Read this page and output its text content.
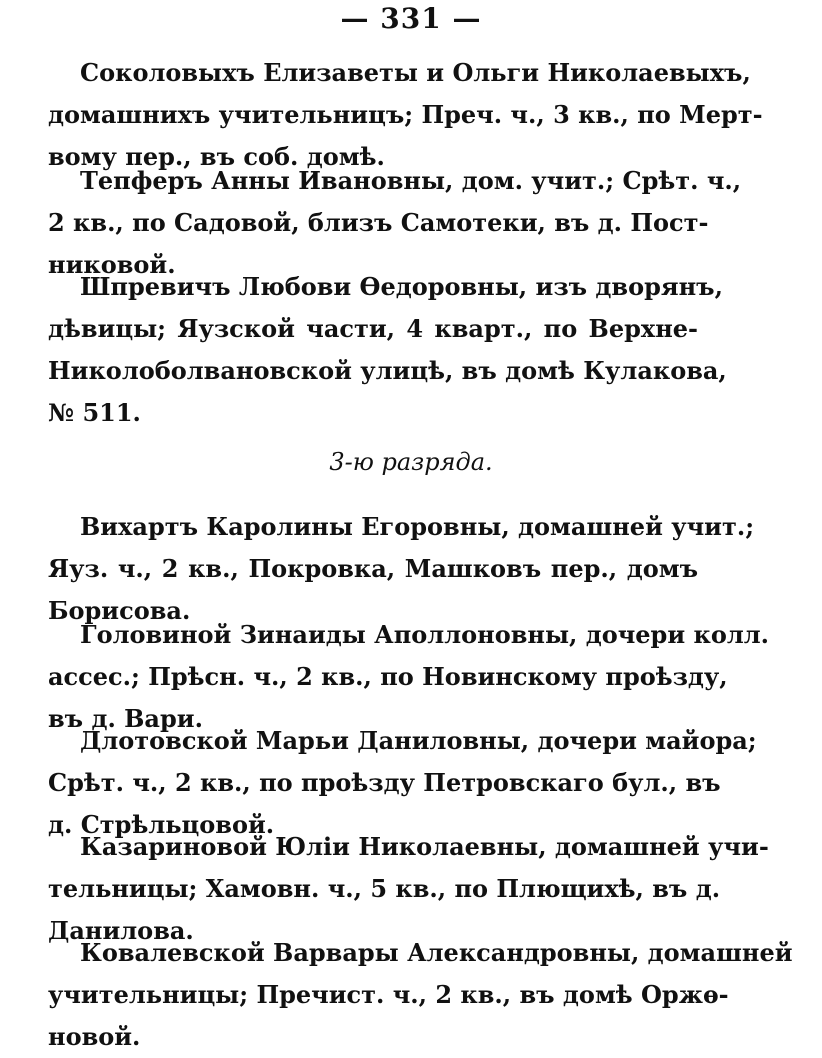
— 331 —
Соколовыхъ Елизаветы и Ольги Николаевыхъ,
домашнихъ учительницъ; Преч. ч., 3 кв., по Мерт-
вому пер., въ соб. домѣ.
Тепферъ Анны Ивановны, дом. учит.; Срѣт. ч.,
2 кв., по Садовой, близъ Самотеки, въ д. Пост-
никовой.
Шпревичъ Любови Ѳедоровны, изъ дворянъ,
дѣвицы; Яузской части, 4 кварт., по Верхне-
Николоболвановской улицѣ, въ домѣ Кулакова,
№ 511.
3-ю разряда.
Вихартъ Каролины Егоровны, домашней учит.;
Яуз. ч., 2 кв., Покровка, Машковъ пер., домъ
Борисова.
Головиной Зинаиды Аполлоновны, дочери колл.
ассес.; Прѣсн. ч., 2 кв., по Новинскому проѣзду,
въ д. Вари.
Длотовской Марьи Даниловны, дочери майора;
Срѣт. ч., 2 кв., по проѣзду Петровскаго бул., въ
д. Стрѣльцовой.
Казариновой Юліи Николаевны, домашней учи-
тельницы; Хамовн. ч., 5 кв., по Плющихѣ, въ д.
Данилова.
Ковалевской Варвары Александровны, домашней
учительницы; Пречист. ч., 2 кв., въ домѣ Оржѳ-
новой.
